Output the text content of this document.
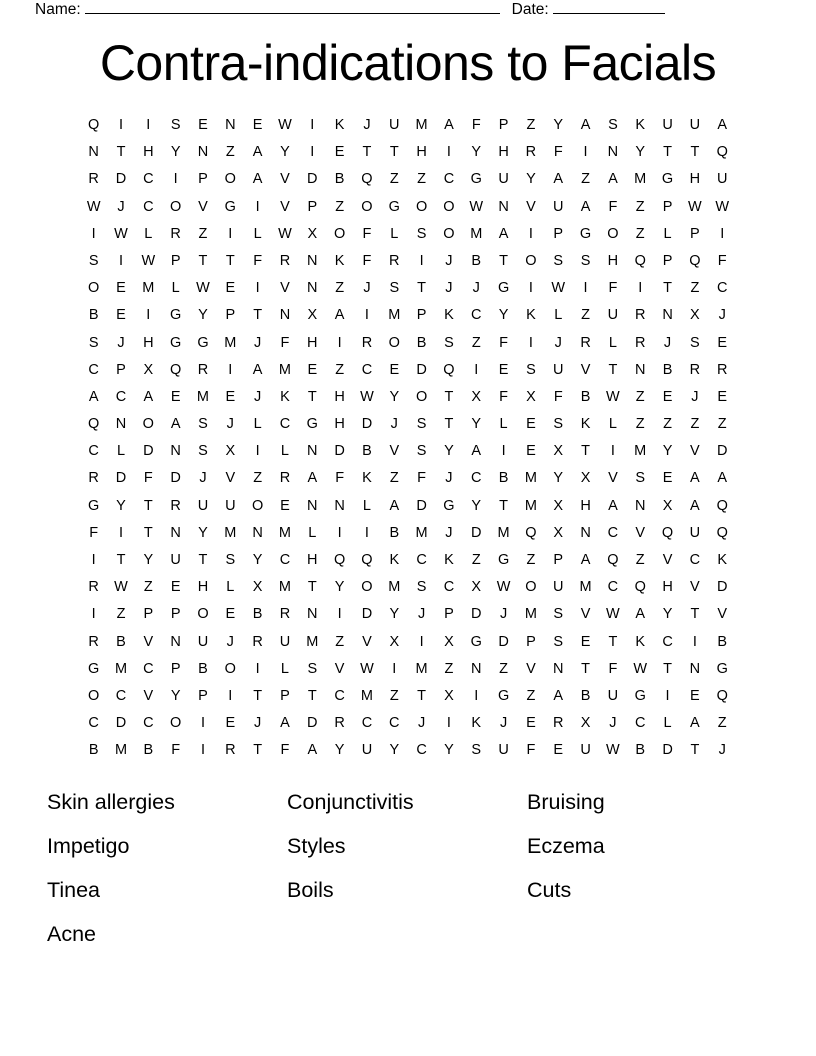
Name:	Date:
Contra-indications to Facials
Q	I	I	S	E	N	E	W	I	K	J	U	M	A	F	P	Z	Y	A	S	K	U	U	A
N	T	H	Y	N	Z	A	Y	I	E	T	T	H	I	Y	H	R	F	I	N	Y	T	T	Q
R	D	C	I	P	O	A	V	D	B	Q	Z	Z	C	G	U	Y	A	Z	A	M	G	H	U
W	J	C	O	V	G	I	V	P	Z	O	G	O	O	W	N	V	U	A	F	Z	P	W W
I	W	L	R	Z	I	L	W	X	O	F	L	S	O	M	A	I	P	G	O	Z	L	P	I
S	I	W	P	T	T	F	R	N	K	F	R	I	J	B	T	O	S	S	H	Q	P	Q	F
O	E	M	L	W	E	I	V	N	Z	J	S	T	J	J	G	I	W	I	F	I	T	Z	C
B	E	I	G	Y	P	T	N	X	A	I	M	P	K	C	Y	K	L	Z	U	R	N	X	J
S	J	H	G	G	M	J	F	H	I	R	O	B	S	Z	F	I	J	R	L	R	J	S	E
C	P	X	Q	R	I	A	M	E	Z	C	E	D	Q	I	E	S	U	V	T	N	B	R	R
A	C	A	E	M	E	J	K	T	H	W	Y	O	T	X	F	X	F	B	W	Z	E	J	E
Q	N	O	A	S	J	L	C	G	H	D	J	S	T	Y	L	E	S	K	L	Z	Z	Z	Z
C	L	D	N	S	X	I	L	N	D	B	V	S	Y	A	I	E	X	T	I	M	Y	V	D
R	D	F	D	J	V	Z	R	A	F	K	Z	F	J	C	B	M	Y	X	V	S	E	A	A
G	Y	T	R	U	U	O	E	N	N	L	A	D	G	Y	T	M	X	H	A	N	X	A	Q
F	I	T	N	Y	M	N	M	L	I	I	B	M	J	D	M	Q	X	N	C	V	Q	U	Q
I	T	Y	U	T	S	Y	C	H	Q	Q	K	C	K	Z	G	Z	P	A	Q	Z	V	C	K
R	W	Z	E	H	L	X	M	T	Y	O	M	S	C	X	W	O	U	M	C	Q	H	V	D
I	Z	P	P	O	E	B	R	N	I	D	Y	J	P	D	J	M	S	V	W	A	Y	T	V
R	B	V	N	U	J	R	U	M	Z	V	X	I	X	G	D	P	S	E	T	K	C	I	B
G	M	C	P	B	O	I	L	S	V	W	I	M	Z	N	Z	V	N	T	F	W	T	N	G
O	C	V	Y	P	I	T	P	T	C	M	Z	T	X	I	G	Z	A	B	U	G	I	E	Q
C	D	C	O	I	E	J	A	D	R	C	C	J	I	K	J	E	R	X	J	C	L	A	Z
B	M	B	F	I	R	T	F	A	Y	U	Y	C	Y	S	U	F	E	U	W	B	D	T	J
Skin allergies	Conjunctivitis	Bruising
Impetigo	Styles	Eczema
Tinea	Boils	Cuts
Acne
